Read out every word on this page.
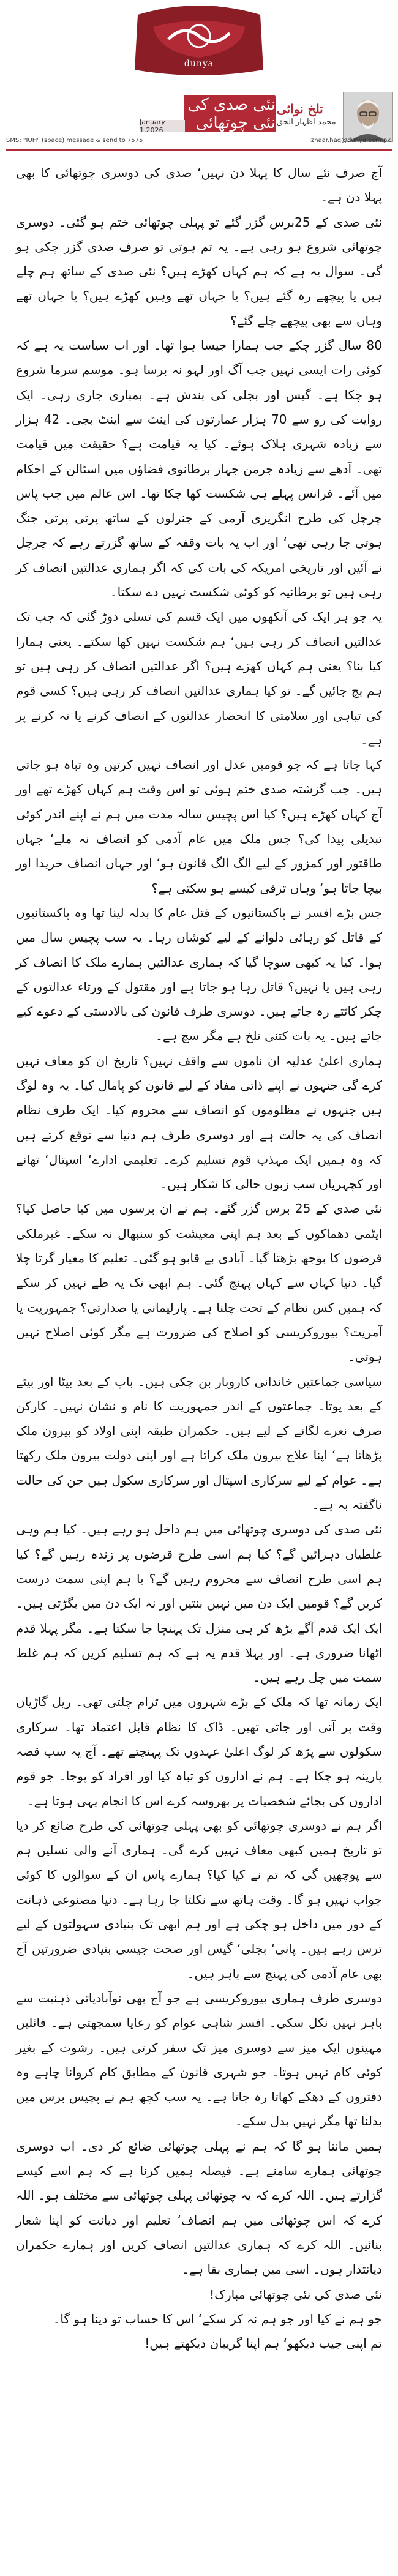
dunya
نئی صدی کی نئی چوتھائی
January 1,2026
تلخ نوائی
محمد اظہار الحق
SMS: "IUH" (space) message & send to 7575	izhaar.haq@dunya.com.pk

آج صرف نئے سال کا پہلا دن نہیں‘ صدی کی دوسری چوتھائی کا بھی پہلا دن ہے۔

نئی صدی کے 25برس گزر گئے تو پہلی چوتھائی ختم ہو گئی۔ دوسری چوتھائی شروع ہو رہی ہے۔ یہ تم ہوتی تو صرف صدی گزر چکی ہو گی۔ سوال یہ ہے کہ ہم کہاں کھڑے ہیں؟ نئی صدی کے ساتھ ہم چلے ہیں یا پیچھے رہ گئے ہیں؟ یا جہاں تھے وہیں کھڑے ہیں؟ یا جہاں تھے وہاں سے بھی پیچھے چلے گئے؟

80 سال گزر چکے جب ہمارا جیسا ہوا تھا۔ اور اب سیاست یہ ہے کہ کوئی رات ایسی نہیں جب آگ اور لہو نہ برسا ہو۔ موسم سرما شروع ہو چکا ہے۔ گیس اور بجلی کی بندش ہے۔ بمباری جاری رہی۔ ایک روایت کی رو سے 70 ہزار عمارتوں کی اینٹ سے اینٹ بجی۔ 42 ہزار سے زیادہ شہری ہلاک ہوئے۔ کیا یہ قیامت ہے؟ حقیقت میں قیامت تھی۔ آدھے سے زیادہ جرمن جہاز برطانوی فضاؤں میں اسٹالن کے احکام میں آئے۔ فرانس پہلے ہی شکست کھا چکا تھا۔ اس عالم میں جب پاس چرچل کی طرح انگریزی آرمی کے جنرلوں کے ساتھ پرتی پرتی جنگ ہوتی جا رہی تھی‘ اور اب یہ بات وقفہ کے ساتھ گزرتے رہے کہ چرچل نے آئیں اور تاریخی امریکہ کی بات کی کہ اگر ہماری عدالتیں انصاف کر رہی ہیں تو برطانیہ کو کوئی شکست نہیں دے سکتا۔

یہ جو ہر ایک کی آنکھوں میں ایک قسم کی تسلی دوڑ گئی کہ جب تک عدالتیں انصاف کر رہی ہیں‘ ہم شکست نہیں کھا سکتے۔ یعنی ہمارا کیا بنا؟ یعنی ہم کہاں کھڑے ہیں؟ اگر عدالتیں انصاف کر رہی ہیں تو ہم بچ جائیں گے۔ تو کیا ہماری عدالتیں انصاف کر رہی ہیں؟ کسی قوم کی تباہی اور سلامتی کا انحصار عدالتوں کے انصاف کرنے یا نہ کرنے پر ہے۔

کہا جاتا ہے کہ جو قومیں عدل اور انصاف نہیں کرتیں وہ تباہ ہو جاتی ہیں۔ جب گزشتہ صدی ختم ہوئی تو اس وقت ہم کہاں کھڑے تھے اور آج کہاں کھڑے ہیں؟ کیا اس پچیس سالہ مدت میں ہم نے اپنے اندر کوئی تبدیلی پیدا کی؟ جس ملک میں عام آدمی کو انصاف نہ ملے‘ جہاں طاقتور اور کمزور کے لیے الگ الگ قانون ہو‘ اور جہاں انصاف خریدا اور بیچا جاتا ہو‘ وہاں ترقی کیسے ہو سکتی ہے؟

جس بڑے افسر نے پاکستانیوں کے قتل عام کا بدلہ لینا تھا وہ پاکستانیوں کے قاتل کو رہائی دلوانے کے لیے کوشاں رہا۔ یہ سب پچیس سال میں ہوا۔ کیا یہ کبھی سوچا گیا کہ ہماری عدالتیں ہمارے ملک کا انصاف کر رہی ہیں یا نہیں؟ قاتل رہا ہو جاتا ہے اور مقتول کے ورثاء عدالتوں کے چکر کاٹتے رہ جاتے ہیں۔ دوسری طرف قانون کی بالادستی کے دعوے کیے جاتے ہیں۔ یہ بات کتنی تلخ ہے مگر سچ ہے۔

ہماری اعلیٰ عدلیہ ان ناموں سے واقف نہیں؟ تاریخ ان کو معاف نہیں کرے گی جنہوں نے اپنے ذاتی مفاد کے لیے قانون کو پامال کیا۔ یہ وہ لوگ ہیں جنہوں نے مظلوموں کو انصاف سے محروم کیا۔ ایک طرف نظام انصاف کی یہ حالت ہے اور دوسری طرف ہم دنیا سے توقع کرتے ہیں کہ وہ ہمیں ایک مہذب قوم تسلیم کرے۔ تعلیمی ادارے‘ اسپتال‘ تھانے اور کچہریاں سب زبوں حالی کا شکار ہیں۔

نئی صدی کے 25 برس گزر گئے۔ ہم نے ان برسوں میں کیا حاصل کیا؟ ایٹمی دھماکوں کے بعد ہم اپنی معیشت کو سنبھال نہ سکے۔ غیرملکی قرضوں کا بوجھ بڑھتا گیا۔ آبادی بے قابو ہو گئی۔ تعلیم کا معیار گرتا چلا گیا۔ دنیا کہاں سے کہاں پہنچ گئی۔ ہم ابھی تک یہ طے نہیں کر سکے کہ ہمیں کس نظام کے تحت چلنا ہے۔ پارلیمانی یا صدارتی؟ جمہوریت یا آمریت؟ بیوروکریسی کو اصلاح کی ضرورت ہے مگر کوئی اصلاح نہیں ہوتی۔

سیاسی جماعتیں خاندانی کاروبار بن چکی ہیں۔ باپ کے بعد بیٹا اور بیٹے کے بعد پوتا۔ جماعتوں کے اندر جمہوریت کا نام و نشان نہیں۔ کارکن صرف نعرے لگانے کے لیے ہیں۔ حکمران طبقہ اپنی اولاد کو بیرون ملک پڑھاتا ہے‘ اپنا علاج بیرون ملک کراتا ہے اور اپنی دولت بیرون ملک رکھتا ہے۔ عوام کے لیے سرکاری اسپتال اور سرکاری سکول ہیں جن کی حالت ناگفتہ بہ ہے۔

نئی صدی کی دوسری چوتھائی میں ہم داخل ہو رہے ہیں۔ کیا ہم وہی غلطیاں دہرائیں گے؟ کیا ہم اسی طرح قرضوں پر زندہ رہیں گے؟ کیا ہم اسی طرح انصاف سے محروم رہیں گے؟ یا ہم اپنی سمت درست کریں گے؟ قومیں ایک دن میں نہیں بنتیں اور نہ ایک دن میں بگڑتی ہیں۔ ایک ایک قدم آگے بڑھ کر ہی منزل تک پہنچا جا سکتا ہے۔ مگر پہلا قدم اٹھانا ضروری ہے۔ اور پہلا قدم یہ ہے کہ ہم تسلیم کریں کہ ہم غلط سمت میں چل رہے ہیں۔

ایک زمانہ تھا کہ ملک کے بڑے شہروں میں ٹرام چلتی تھی۔ ریل گاڑیاں وقت پر آتی اور جاتی تھیں۔ ڈاک کا نظام قابل اعتماد تھا۔ سرکاری سکولوں سے پڑھ کر لوگ اعلیٰ عہدوں تک پہنچتے تھے۔ آج یہ سب قصہ پارینہ ہو چکا ہے۔ ہم نے اداروں کو تباہ کیا اور افراد کو پوجا۔ جو قوم اداروں کی بجائے شخصیات پر بھروسہ کرے اس کا انجام یہی ہوتا ہے۔

اگر ہم نے دوسری چوتھائی کو بھی پہلی چوتھائی کی طرح ضائع کر دیا تو تاریخ ہمیں کبھی معاف نہیں کرے گی۔ ہماری آنے والی نسلیں ہم سے پوچھیں گی کہ تم نے کیا کیا؟ ہمارے پاس ان کے سوالوں کا کوئی جواب نہیں ہو گا۔ وقت ہاتھ سے نکلتا جا رہا ہے۔ دنیا مصنوعی ذہانت کے دور میں داخل ہو چکی ہے اور ہم ابھی تک بنیادی سہولتوں کے لیے ترس رہے ہیں۔ پانی‘ بجلی‘ گیس اور صحت جیسی بنیادی ضرورتیں آج بھی عام آدمی کی پہنچ سے باہر ہیں۔

دوسری طرف ہماری بیوروکریسی ہے جو آج بھی نوآبادیاتی ذہنیت سے باہر نہیں نکل سکی۔ افسر شاہی عوام کو رعایا سمجھتی ہے۔ فائلیں مہینوں ایک میز سے دوسری میز تک سفر کرتی ہیں۔ رشوت کے بغیر کوئی کام نہیں ہوتا۔ جو شہری قانون کے مطابق کام کروانا چاہے وہ دفتروں کے دھکے کھاتا رہ جاتا ہے۔ یہ سب کچھ ہم نے پچیس برس میں بدلنا تھا مگر نہیں بدل سکے۔

ہمیں ماننا ہو گا کہ ہم نے پہلی چوتھائی ضائع کر دی۔ اب دوسری چوتھائی ہمارے سامنے ہے۔ فیصلہ ہمیں کرنا ہے کہ ہم اسے کیسے گزارتے ہیں۔ اللہ کرے کہ یہ چوتھائی پہلی چوتھائی سے مختلف ہو۔ اللہ کرے کہ اس چوتھائی میں ہم انصاف‘ تعلیم اور دیانت کو اپنا شعار بنائیں۔ اللہ کرے کہ ہماری عدالتیں انصاف کریں اور ہمارے حکمران دیانتدار ہوں۔ اسی میں ہماری بقا ہے۔

نئی صدی کی نئی چوتھائی مبارک!

جو ہم نے کیا اور جو ہم نہ کر سکے‘ اس کا حساب تو دینا ہو گا۔

تم اپنی جیب دیکھو‘ ہم اپنا گریبان دیکھتے ہیں!
